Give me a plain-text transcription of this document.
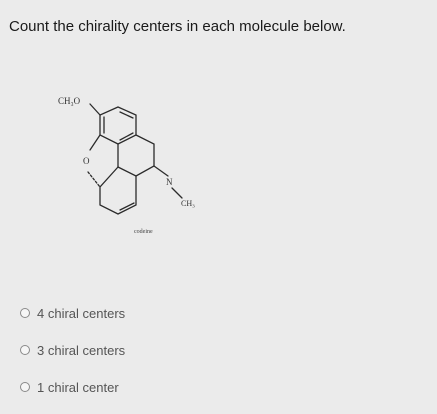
Count the chirality centers in each molecule below.
CH₃O
O
N
CH₃
codeine
4 chiral centers
3 chiral centers
1 chiral center
